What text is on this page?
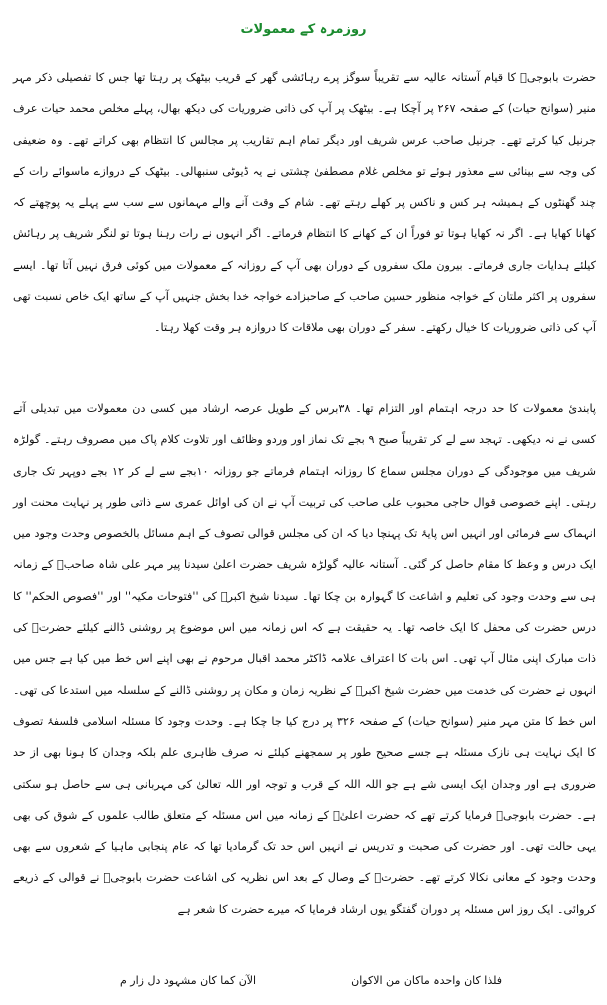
روزمرہ کے معمولات
حضرت بابوجیؒ کا قیام آستانہ عالیہ سے تقریباً سوگز پرے رہائشی گھر کے قریب بیٹھک پر رہتا تھا جس کا تفصیلی ذکر مہر منیر (سوانح حیات) کے صفحہ ۲۶۷ پر آچکا ہے۔ بیٹھک پر آپ کی ذاتی ضروریات کی دیکھ بھال، پہلے مخلص محمد حیات عرف جرنیل کیا کرتے تھے۔ جرنیل صاحب عرس شریف اور دیگر تمام اہم تقاریب پر مجالس کا انتظام بھی کراتے تھے۔ وہ ضعیفی کی وجہ سے بینائی سے معذور ہوئے تو مخلص غلام مصطفیٰ چشتی نے یہ ڈیوٹی سنبھالی۔ بیٹھک کے دروازے ماسوائے رات کے چند گھنٹوں کے ہمیشہ ہر کس و ناکس پر کھلے رہتے تھے۔ شام کے وقت آنے والے مہمانوں سے سب سے پہلے یہ پوچھتے کہ کھانا کھایا ہے۔ اگر نہ کھایا ہوتا تو فوراً ان کے کھانے کا انتظام فرماتے۔ اگر انہوں نے رات رہنا ہوتا تو لنگر شریف پر رہائش کیلئے ہدایات جاری فرماتے۔ بیرون ملک سفروں کے دوران بھی آپ کے روزانہ کے معمولات میں کوئی فرق نہیں آتا تھا۔ ایسے سفروں پر اکثر ملتان کے خواجہ منظور حسین صاحب کے صاحبزادے خواجہ خدا بخش جنہیں آپ کے ساتھ ایک خاص نسبت تھی آپ کی ذاتی ضروریات کا خیال رکھتے۔ سفر کے دوران بھی ملاقات کا دروازہ ہر وقت کھلا رہتا۔
پابندیٔ معمولات کا حد درجہ اہتمام اور التزام تھا۔ ۳۸برس کے طویل عرصہ ارشاد میں کسی دن معمولات میں تبدیلی آتے کسی نے نہ دیکھی۔ تہجد سے لے کر تقریباً صبح ۹ بجے تک نماز اور وردو وظائف اور تلاوت کلام پاک میں مصروف رہتے۔ گولڑہ شریف میں موجودگی کے دوران مجلس سماع کا روزانہ اہتمام فرماتے جو روزانہ ۱۰بجے سے لے کر ۱۲ بجے دوپہر تک جاری رہتی۔ اپنے خصوصی قوال حاجی محبوب علی صاحب کی تربیت آپ نے ان کی اوائل عمری سے ذاتی طور پر نہایت محنت اور انہماک سے فرمائی اور انہیں اس پایۂ تک پہنچا دیا کہ ان کی مجلس قوالی تصوف کے اہم مسائل بالخصوص وحدت وجود میں ایک درس و وعظ کا مقام حاصل کر گئی۔ آستانہ عالیہ گولڑہ شریف حضرت اعلیٰ سیدنا پیر مہر علی شاہ صاحبؒ کے زمانہ ہی سے وحدت وجود کی تعلیم و اشاعت کا گہوارہ بن چکا تھا۔ سیدنا شیخ اکبرؒ کی ''فتوحات مکیہ'' اور ''فصوص الحکم'' کا درس حضرت کی محفل کا ایک خاصہ تھا۔ یہ حقیقت ہے کہ اس زمانہ میں اس موضوع پر روشنی ڈالنے کیلئے حضرتؒ کی ذات مبارک اپنی مثال آپ تھی۔ اس بات کا اعتراف علامہ ڈاکٹر محمد اقبال مرحوم نے بھی اپنے اس خط میں کیا ہے جس میں انہوں نے حضرت کی خدمت میں حضرت شیخ اکبرؒ کے نظریہ زمان و مکان پر روشنی ڈالنے کے سلسلہ میں استدعا کی تھی۔ اس خط کا متن مہر منیر (سوانح حیات) کے صفحہ ۳۲۶ پر درج کیا جا چکا ہے۔ وحدت وجود کا مسئلہ اسلامی فلسفۂ تصوف کا ایک نہایت ہی نازک مسئلہ ہے جسے صحیح طور پر سمجھنے کیلئے نہ صرف ظاہری علم بلکہ وجدان کا ہونا بھی از حد ضروری ہے اور وجدان ایک ایسی شے ہے جو اللہ اللہ کے قرب و توجہ اور اللہ تعالیٰ کی مہربانی ہی سے حاصل ہو سکتی ہے۔ حضرت بابوجیؒ فرمایا کرتے تھے کہ حضرت اعلیٰؒ کے زمانہ میں اس مسئلہ کے متعلق طالب علموں کے شوق کی بھی یہی حالت تھی۔ اور حضرت کی صحبت و تدریس نے انہیں اس حد تک گرمادیا تھا کہ عام پنجابی ماہیا کے شعروں سے بھی وحدت وجود کے معانی نکالا کرتے تھے۔ حضرتؒ کے وصال کے بعد اس نظریہ کی اشاعت حضرت بابوجیؒ نے قوالی کے ذریعے کروائی۔ ایک روز اس مسئلہ پر دوران گفتگو یوں ارشاد فرمایا کہ میرے حضرت کا شعر ہے
فلذا کان واحدہ ماکان من الاکوان
الآن کما کان مشہود دل زار م
